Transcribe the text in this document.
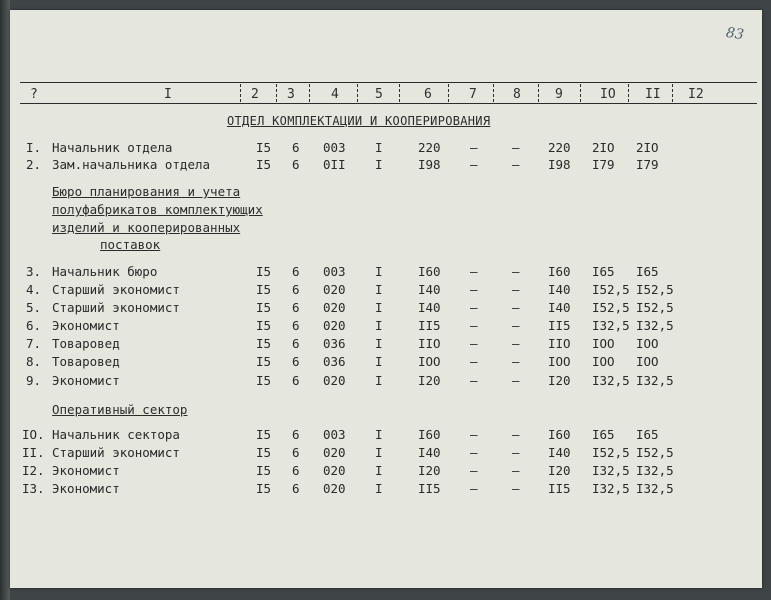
83
?	I	2 3	4	5	6	7	8	9	IO II I2
ОТДЕЛ КОМПЛЕКТАЦИИ И КООПЕРИРОВАНИЯ
I. Начальник отдела	I5 6 003 I	220 –	– 220 2IO 2IO
2. Зам.начальника отдела	I5 6 0II I	I98 –	– I98 I79 I79
Бюро планирования и учета
полуфабрикатов комплектующих
изделий и кооперированных
поставок
3. Начальник бюро	I5 6 003 I	I60 –	– I60 I65 I65
4. Старший экономист	I5 6 020 I	I40 –	– I40 I52,5 I52,5
5. Старший экономист	I5 6 020 I	I40 –	– I40 I52,5 I52,5
6. Экономист	I5 6 020 I	II5 –	– II5 I32,5 I32,5
7. Товаровед	I5 6 036 I	IIO –	– IIO IOO IOO
8. Товаровед	I5 6 036 I	IOO –	– IOO IOO IOO
9. Экономист	I5 6 020 I	I20 –	– I20 I32,5 I32,5
Оперативный сектор
IO. Начальник сектора	I5 6 003 I	I60 –	– I60 I65 I65
II. Старший экономист	I5 6 020 I	I40 –	– I40 I52,5 I52,5
I2. Экономист	I5 6 020 I	I20 –	– I20 I32,5 I32,5
I3. Экономист	I5 6 020 I	II5 –	– II5 I32,5 I32,5
